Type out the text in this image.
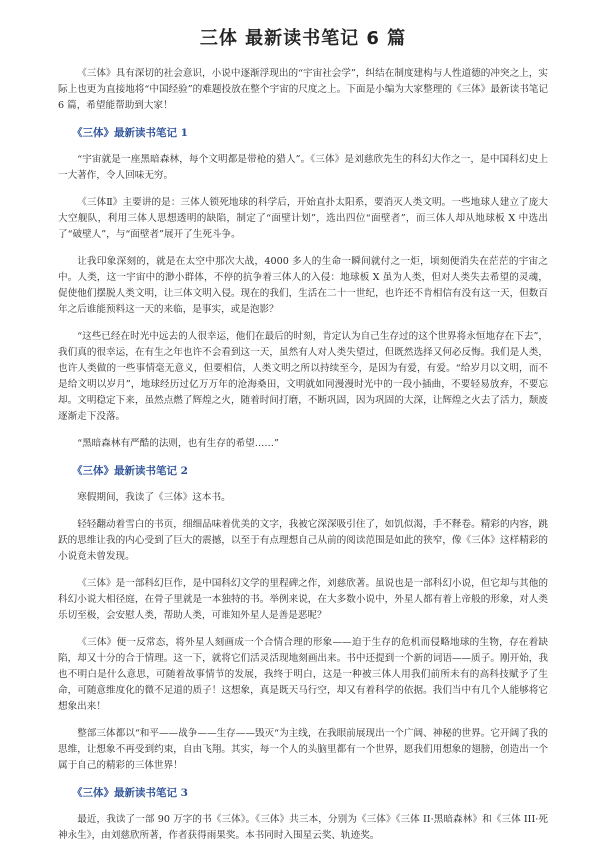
三体 最新读书笔记 6 篇

《三体》具有深切的社会意识，小说中逐渐浮现出的“宇宙社会学”，纠结在制度建构与人性道德的冲突之上，实际上也更为直接地将“中国经验”的难题投放在整个宇宙的尺度之上。下面是小编为大家整理的《三体》最新读书笔记 6 篇，希望能帮助到大家！

《三体》最新读书笔记 1

“宇宙就是一座黑暗森林，每个文明都是带枪的猎人”。《三体》是刘慈欣先生的科幻大作之一，是中国科幻史上一大著作，令人回味无穷。

《三体Ⅱ》主要讲的是：三体人锁死地球的科学后，开始直扑太阳系，要消灭人类文明。一些地球人建立了庞大大空舰队，利用三体人思想透明的缺陷，制定了“面壁计划”，选出四位“面壁者”，而三体人却从地球板 X 中选出了“破壁人”，与“面壁者”展开了生死斗争。

让我印象深刻的，就是在太空中那次大战，4000 多人的生命一瞬间就付之一炬，顷刻便消失在茫茫的宇宙之中。人类，这一宇宙中的渺小群体，不停的抗争着三体人的入侵：地球板 X 虽为人类，但对人类失去希望的灵魂，促使他们摆脱人类文明，让三体文明入侵。现在的我们，生活在二十一世纪，也许还不肯相信有没有这一天，但数百年之后谁能预料这一天的来临，是事实，或是泡影？

“这些已经在时光中远去的人很幸运，他们在最后的时刻，肯定认为自己生存过的这个世界将永恒地存在下去”，我们真的很幸运，在有生之年也许不会看到这一天，虽然有人对人类失望过，但既然选择又何必反悔。我们是人类，也许人类做的一些事情毫无意义，但要相信，人类文明之所以持续至今，是因为有爱，有爱。“给岁月以文明，而不是给文明以岁月”，地球经历过亿万万年的沧海桑田，文明就如同漫漫时光中的一段小插曲，不要轻易放弃，不要忘却。文明稳定下来，虽然点燃了辉煌之火，随着时间打磨，不断巩固，因为巩固的大深，让辉煌之火去了活力，颓废逐渐走下没落。

“黑暗森林有严酷的法则，也有生存的希望……”

《三体》最新读书笔记 2

寒假期间，我读了《三体》这本书。

轻轻翻动着雪白的书页，细细品味着优美的文字，我被它深深吸引住了，如饥似渴，手不释卷。精彩的内容，跳跃的思维让我的内心受到了巨大的震撼，以至于有点理想自己从前的阅读范围是如此的狭窄，像《三体》这样精彩的小说竟未曾发现。

《三体》是一部科幻巨作，是中国科幻文学的里程碑之作，刘慈欣著。虽说也是一部科幻小说，但它却与其他的科幻小说大相径庭，在骨子里就是一本独特的书。举例来说，在大多数小说中，外星人都有着上帝般的形象，对人类乐切至极，会安慰人类，帮助人类，可谁知外星人是善是恶呢？

《三体》便一反常态，将外星人刻画成一个合情合理的形象——迫于生存的危机而侵略地球的生物，存在着缺陷，却又十分的合于情理。这一下，就将它们活灵活现地刻画出来。书中还提到一个新的词语——质子。刚开始，我也不明白是什么意思，可随着故事情节的发展，我终于明白，这是一种被三体人用我们前所未有的高科技赋予了生命，可随意维度化的微不足道的质子！这想象，真是既天马行空，却又有着科学的依据。我们当中有几个人能够将它想象出来！

整部三体都以“和平——战争——生存——毁灭“为主线，在我眼前展现出一个广阔、神秘的世界。它开阔了我的思维，让想象不再受到约束，自由飞翔。其实，每一个人的头脑里都有一个世界，愿我们用想象的翅膀，创造出一个属于自己的精彩的三体世界！

《三体》最新读书笔记 3

最近，我读了一部 90 万字的书《三体》。《三体》共三本，分别为《三体》《三体 II·黑暗森林》和《三体 III·死神永生》，由刘慈欣所著，作者获得雨果奖。本书同时入围星云奖、轨迹奖。
